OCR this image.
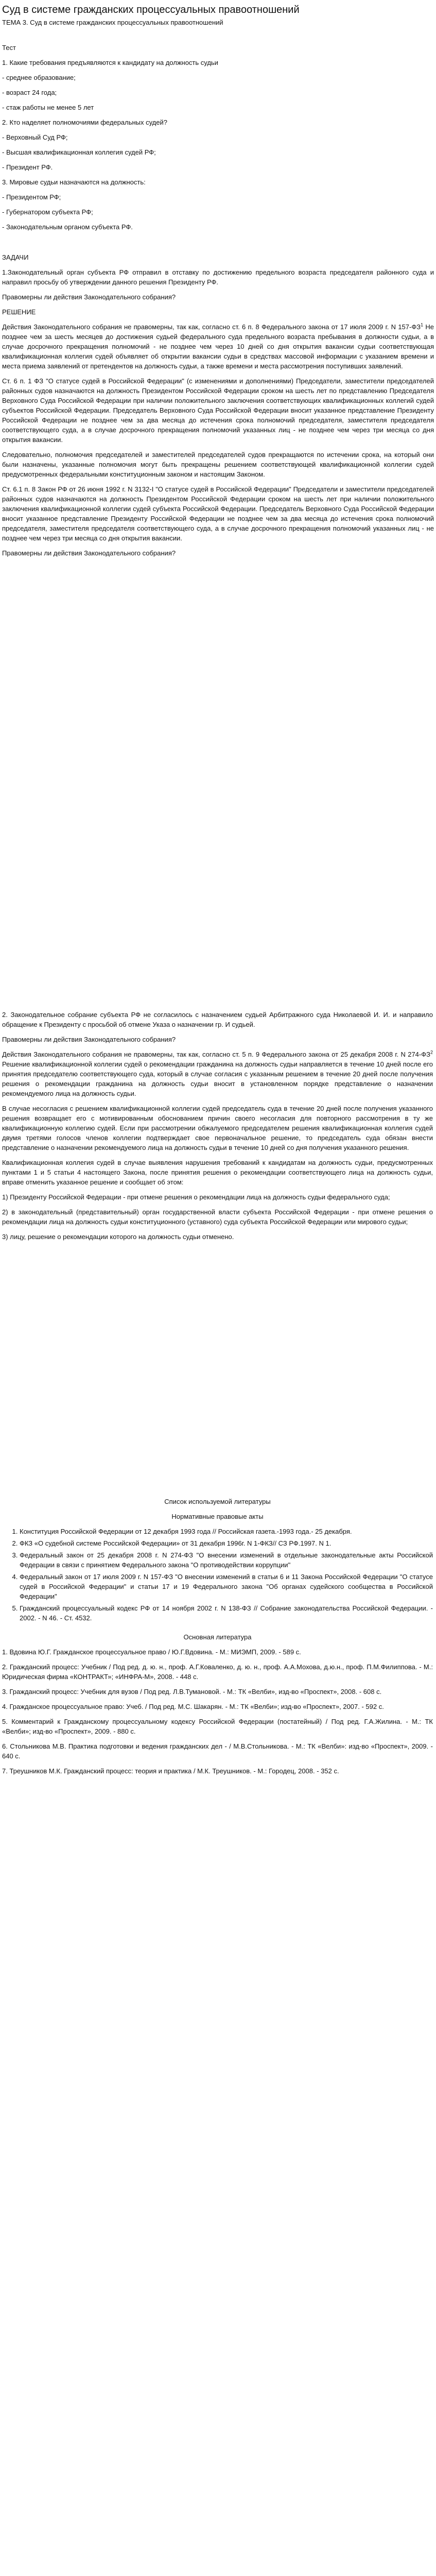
Суд в системе гражданских процессуальных правоотношений
ТЕМА 3. Суд в системе гражданских процессуальных правоотношений
Тест
1. Какие требования предъявляются к кандидату на должность судьи
- среднее образование;
- возраст 24 года;
- стаж работы не менее 5 лет
2. Кто наделяет полномочиями федеральных судей?
- Верховный Суд РФ;
- Высшая квалификационная коллегия судей РФ;
- Президент РФ.
3. Мировые судьи назначаются на должность:
- Президентом РФ;
- Губернатором субъекта РФ;
- Законодательным органом субъекта РФ.
ЗАДАЧИ

1.Законодательный орган субъекта РФ отправил в отставку по достижению предельного возраста председателя районного суда и направил просьбу об утверждении данного решения Президенту РФ.

Правомерны ли действия Законодательного собрания?
РЕШЕНИЕ

Действия Законодательного собрания не правомерны, так как, согласно ст. 6 п. 8 Федерального закона от 17 июля 2009 г. N $157-ФЗ^1$ Не позднее чем за шесть месяцев до достижения судьей федерального суда предельного возраста пребывания в должности судьи, а в случае досрочного прекращения полномочий - не позднее чем через 10 дней со дня открытия вакансии судьи соответствующая квалификационная коллегия судей объявляет об открытии вакансии судьи в средствах массовой информации с указанием времени и места приема заявлений от претендентов на должность судьи, а также времени и места рассмотрения поступивших заявлений.

Ст. 6 п. 1 ФЗ "О статусе судей в Российской Федерации" (с изменениями и дополнениями) Председатели, заместители председателей районных судов назначаются на должность Президентом Российской Федерации сроком на шесть лет по представлению Председателя Верховного Суда Российской Федерации при наличии положительного заключения соответствующих квалификационных коллегий судей субъектов Российской Федерации. Председатель Верховного Суда Российской Федерации вносит указанное представление Президенту Российской Федерации не позднее чем за два месяца до истечения срока полномочий председателя, заместителя председателя соответствующего суда, а в случае досрочного прекращения полномочий указанных лиц - не позднее чем через три месяца со дня открытия вакансии.

Следовательно, полномочия председателей и заместителей председателей судов прекращаются по истечении срока, на который они были назначены, указанные полномочия могут быть прекращены решением соответствующей квалификационной коллегии судей предусмотренных федеральными конституционным законом и настоящим Законом.

Ст. 6.1 п. 8 Закон РФ от 26 июня 1992 г. N 3132-I "О статусе судей в Российской Федерации" Председатели и заместители председателей районных судов назначаются на должность Президентом Российской Федерации сроком на шесть лет при наличии положительного заключения квалификационной коллегии судей субъекта Российской Федерации. Председатель Верховного Суда Российской Федерации вносит указанное представление Президенту Российской Федерации не позднее чем за два месяца до истечения срока полномочий председателя, заместителя председателя соответствующего суда, а в случае досрочного прекращения полномочий указанных лиц - не позднее чем через три месяца со дня открытия вакансии.

Правомерны ли действия Законодательного собрания?

2. Законодательное собрание субъекта РФ не согласилось с назначением судьей Арбитражного суда Николаевой И. И. и направило обращение к Президенту с просьбой об отмене Указа о назначении гр. И судьей.

Правомерны ли действия Законодательного собрания?

Действия Законодательного собрания не правомерны, так как, согласно ст. 5 п. 9 Федерального закона от 25 декабря 2008 г. N $274-ФЗ^2$ Решение квалификационной коллегии судей о рекомендации гражданина на должность судьи направляется в течение 10 дней после его принятия председателю соответствующего суда, который в случае согласия с указанным решением в течение 20 дней после получения решения о рекомендации гражданина на должность судьи вносит в установленном порядке представление о назначении рекомендуемого лица на должность судьи.

В случае несогласия с решением квалификационной коллегии судей председатель суда в течение 20 дней после получения указанного решения возвращает его с мотивированным обоснованием причин своего несогласия для повторного рассмотрения в ту же квалификационную коллегию судей. Если при рассмотрении обжалуемого председателем решения квалификационная коллегия судей двумя третями голосов членов коллегии подтверждает свое первоначальное решение, то председатель суда обязан внести представление о назначении рекомендуемого лица на должность судьи в течение 10 дней со дня получения указанного решения.

Квалификационная коллегия судей в случае выявления нарушения требований к кандидатам на должность судьи, предусмотренных пунктами 1 и 5 статьи 4 настоящего Закона, после принятия решения о рекомендации соответствующего лица на должность судьи, вправе отменить указанное решение и сообщает об этом:

1) Президенту Российской Федерации - при отмене решения о рекомендации лица на должность судьи федерального суда;

2) в законодательный (представительный) орган государственной власти субъекта Российской Федерации - при отмене решения о рекомендации лица на должность судьи конституционного (уставного) суда субъекта Российской Федерации или мирового судьи;

3) лицу, решение о рекомендации которого на должность судьи отменено.

Список используемой литературы
Нормативные правовые акты
1. Конституция Российской Федерации от 12 декабря 1993 года // Российская газета.-1993 года.- 25 декабря.
2. ФКЗ «О судебной системе Российской Федерации» от 31 декабря 1996г. N 1-ФКЗ// СЗ РФ.1997. N 1.
3. Федеральный закон от 25 декабря 2008 г. N 274-ФЗ "О внесении изменений в отдельные законодательные акты Российской Федерации в связи с принятием Федерального закона "О противодействии коррупции"
4. Федеральный закон от 17 июля 2009 г. N 157-ФЗ "О внесении изменений в статьи 6 и 11 Закона Российской Федерации "О статусе судей в Российской Федерации" и статьи 17 и 19 Федерального закона "Об органах судейского сообщества в Российской Федерации"
5. Гражданский процессуальный кодекс РФ от 14 ноября 2002 г. N 138-ФЗ // Собрание законодательства Российской Федерации. - 2002. - N 46. - Ст. 4532.
Основная литература

1. Вдовина Ю.Г. Гражданское процессуальное право / Ю.Г.Вдовина. - М.: МИЭМП, 2009. - 589 с.

2. Гражданский процесс: Учебник / Под ред. д. ю. н., проф. А.Г.Коваленко, д. ю. н., проф. А.А.Мохова, д.ю.н., проф. П.М.Филиппова. - М.: Юридическая фирма «КОНТРАКТ»; «ИНФРА-М», 2008. - 448 с.

3. Гражданский процесс: Учебник для вузов / Под ред. Л.В.Тумановой. - М.: ТК «Велби», изд-во «Проспект», 2008. - 608 с.

4. Гражданское процессуальное право: Учеб. / Под ред. М.С. Шакарян. - М.: ТК «Велби»; изд-во «Проспект», 2007. - 592 с.

5. Комментарий к Гражданскому процессуальному кодексу Российской Федерации (постатейный) / Под ред. Г.А.Жилина. - М.: ТК «Велби»; изд-во «Проспект», 2009. - 880 с.

6. Стольникова М.В. Практика подготовки и ведения гражданских дел - / М.В.Стольникова. - М.: ТК «Велби»: изд-во «Проспект», 2009. - 640 с.

7. Треушников М.К. Гражданский процесс: теория и практика / М.К. Треушников. - М.: Городец, 2008. - 352 с.
